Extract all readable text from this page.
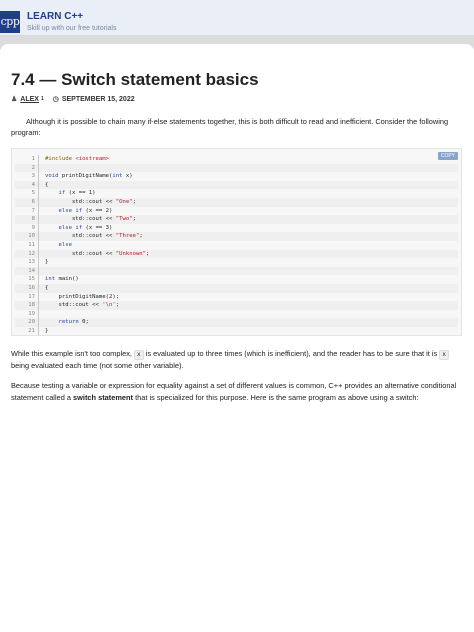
cpp LEARN C++
Skill up with our free tutorials
7.4 — Switch statement basics
♟ ALEX 1 ◷ SEPTEMBER 15, 2022

Although it is possible to chain many if-else statements together, this is both difficult to read and inefficient. Consider the following program:

COPY
1	#include <iostream>
2

3	void printDigitName(int x)
4	{
5	if (x == 1)
6	std::cout << "One";
7	else if (x == 2)
8	std::cout << "Two";
9	else if (x == 3)
10	std::cout << "Three";
11	else
12	std::cout << "Unknown";
13	}
14

15	int main()
16	{
17	printDigitName(2);
18	std::cout << '\n';
19

20	return 0;
21	}

While this example isn't too complex, x is evaluated up to three times (which is inefficient), and the reader has to be sure that it is x being evaluated each time (not some other variable).

Because testing a variable or expression for equality against a set of different values is common, C++ provides an alternative conditional statement called a switch statement that is specialized for this purpose. Here is the same program as above using a switch:
